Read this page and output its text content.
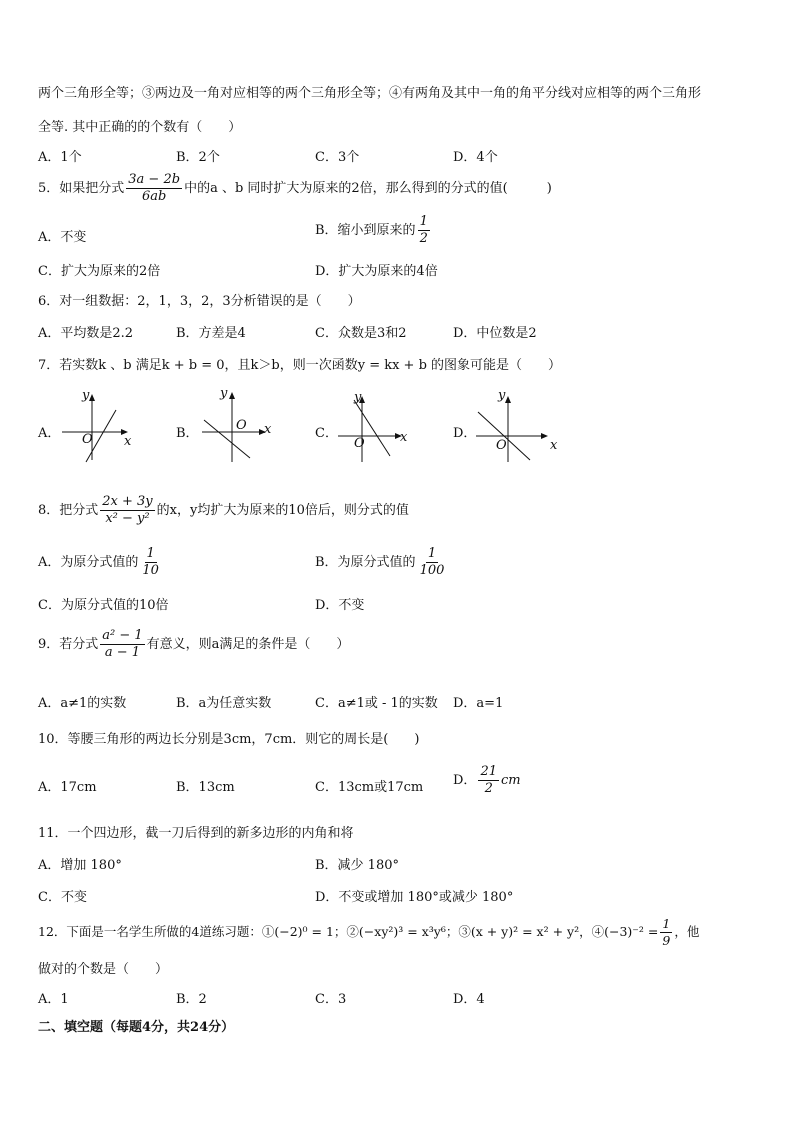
两个三角形全等；③两边及一角对应相等的两个三角形全等；④有两角及其中一角的角平分线对应相等的两个三角形
全等. 其中正确的的个数有（　　）
A．1个	B．2个	C．3个	D．4个
5．如果把分式 $\frac{3a - 2b}{6ab}$ 中的a 、b 同时扩大为原来的2倍，那么得到的分式的值(　　　)
A．不变	B．缩小到原来的 $\frac{1}{2}$
C．扩大为原来的2倍	D．扩大为原来的4倍
6．对一组数据：2，1，3，2，3分析错误的是（　　）
A．平均数是2.2	B．方差是4	C．众数是3和2	D．中位数是2
7．若实数k 、b 满足k + b = 0，且k＞b，则一次函数y = kx + b 的图象可能是（　　）
A．
y
x
O	B．
y
x
O
C．
y
x
O
D．
y
x
O
8．把分式 $\frac{2x + 3y}{\text{x² − y²}}$ 的x，y均扩大为原来的10倍后，则分式的值
A．为原分式值的 $\frac{1}{10}$	B．为原分式值的 $\frac{1}{100}$
C．为原分式值的10倍	D．不变
9．若分式 $\frac{\text{a² − 1}}{a - 1}$ 有意义，则a满足的条件是（　　）
A．a≠1的实数	B．a为任意实数	C．a≠1或 - 1的实数 D．a=1
10．等腰三角形的两边长分别是3cm，7cm．则它的周长是(　　)
A．17cm	B．13cm	C．13cm或17cm D． $\frac{21}{2}$ cm
11．一个四边形，截一刀后得到的新多边形的内角和将
A．增加 180°	B．减少 180°
C．不变	D．不变或增加 180°或减少 180°
12．下面是一名学生所做的4道练习题：①(−2)⁰ = 1；②(−xy²)³ = x³y⁶；③(x + y)² = x² + y²，④(−3)⁻² = $\frac{1}{9}$ ，他
做对的个数是（　　）
A．1	B．2	C．3	D．4
二、填空题（每题4分，共24分）
